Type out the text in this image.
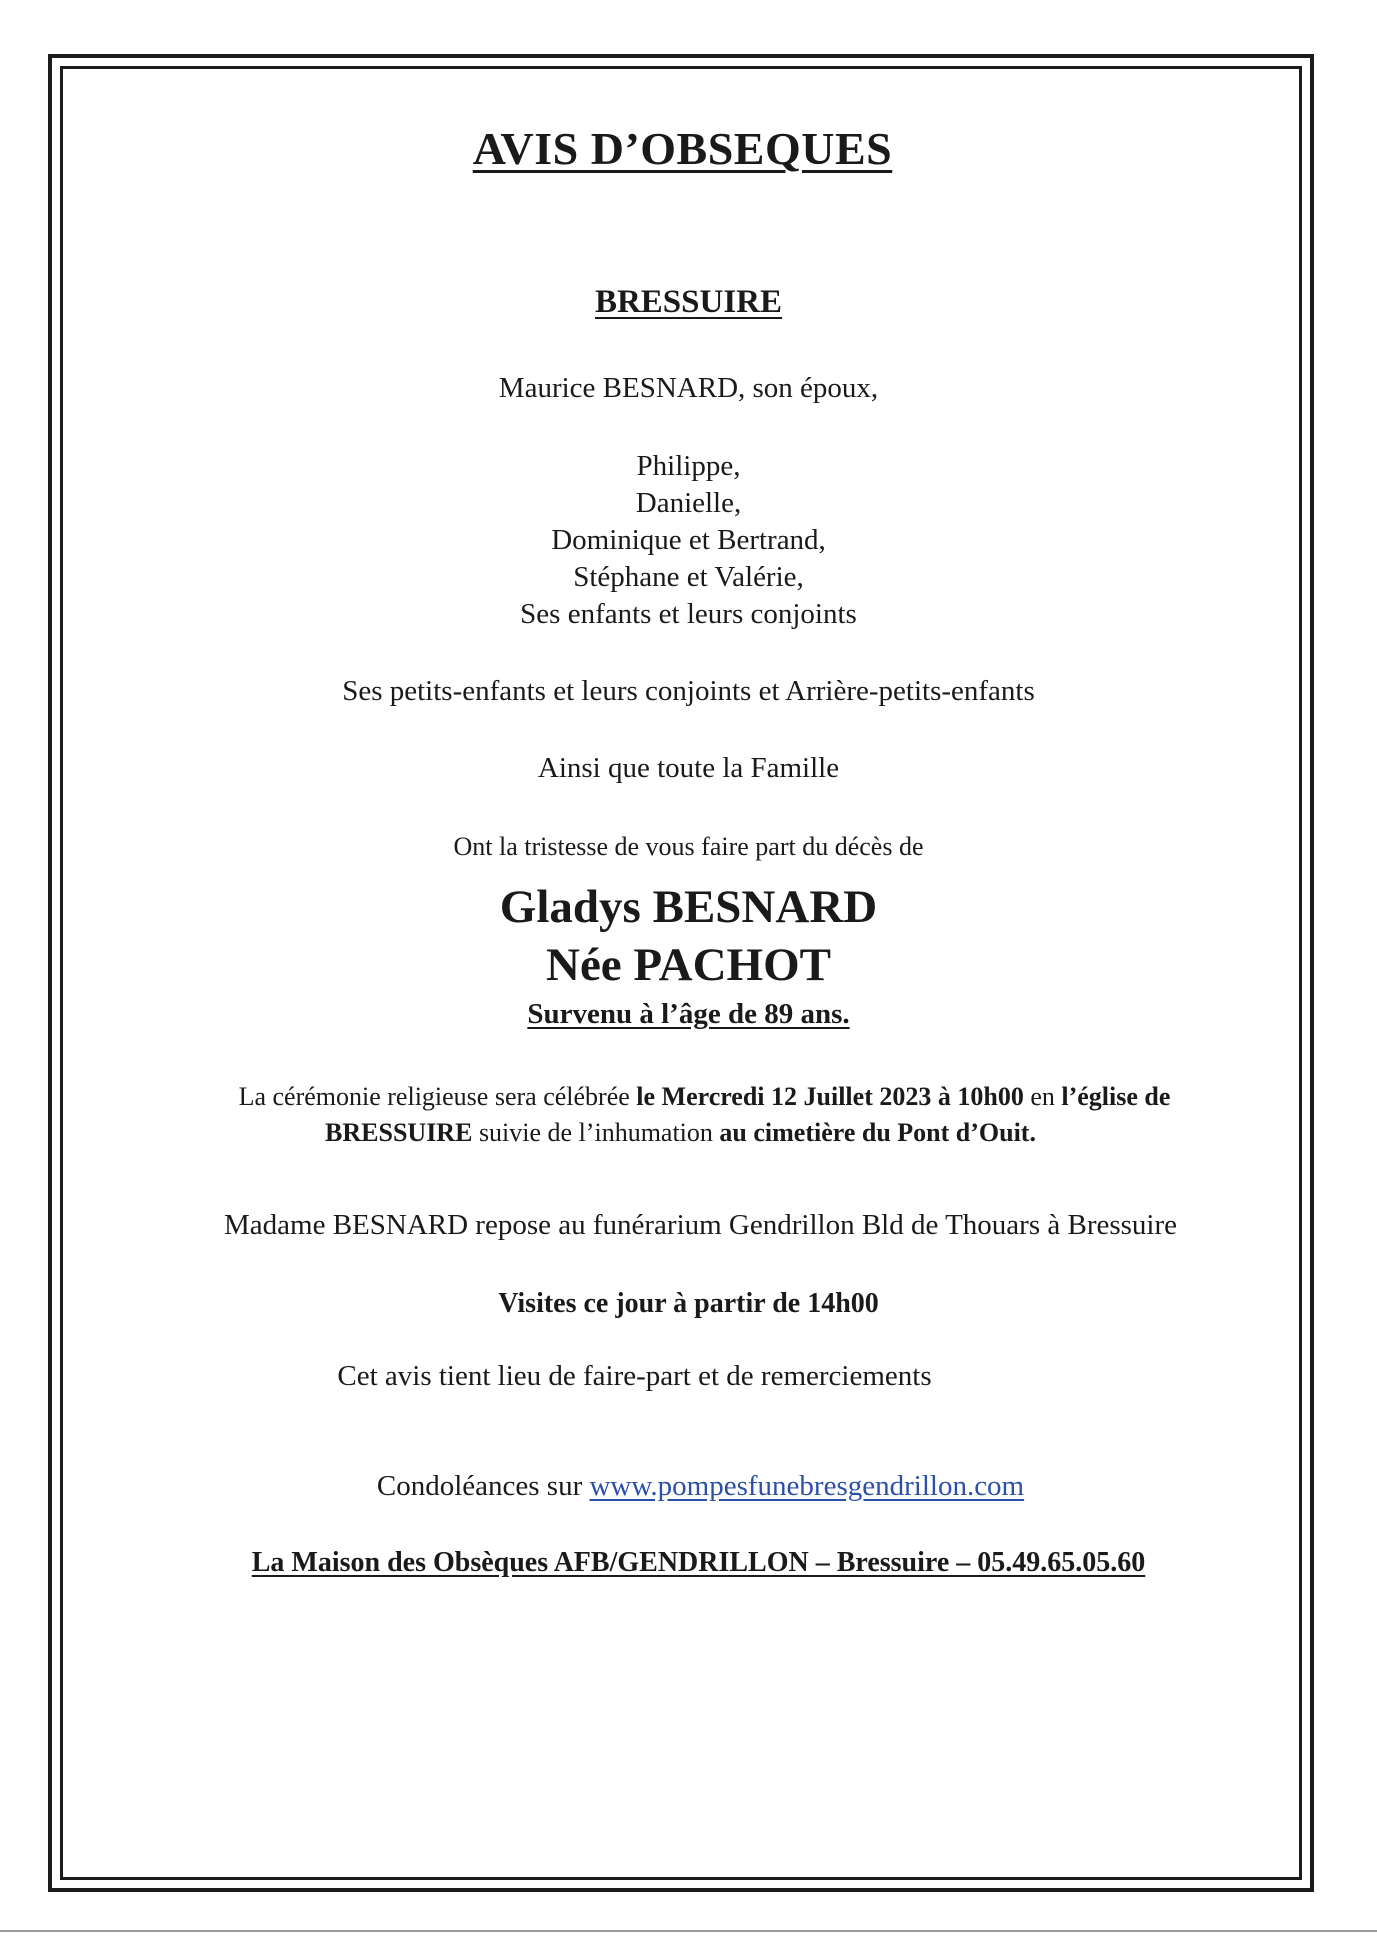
AVIS D’OBSEQUES
BRESSUIRE
Maurice BESNARD, son époux,
Philippe,
Danielle,
Dominique et Bertrand,
Stéphane et Valérie,
Ses enfants et leurs conjoints
Ses petits-enfants et leurs conjoints et Arrière-petits-enfants
Ainsi que toute la Famille
Ont la tristesse de vous faire part du décès de
Gladys BESNARD
Née PACHOT
Survenu à l’âge de 89 ans.
La cérémonie religieuse sera célébrée le Mercredi 12 Juillet 2023 à 10h00 en l’église de
BRESSUIRE suivie de l’inhumation au cimetière du Pont d’Ouit.
Madame BESNARD repose au funérarium Gendrillon Bld de Thouars à Bressuire
Visites ce jour à partir de 14h00
Cet avis tient lieu de faire-part et de remerciements
Condoléances sur www.pompesfunebresgendrillon.com
La Maison des Obsèques AFB/GENDRILLON – Bressuire – 05.49.65.05.60
